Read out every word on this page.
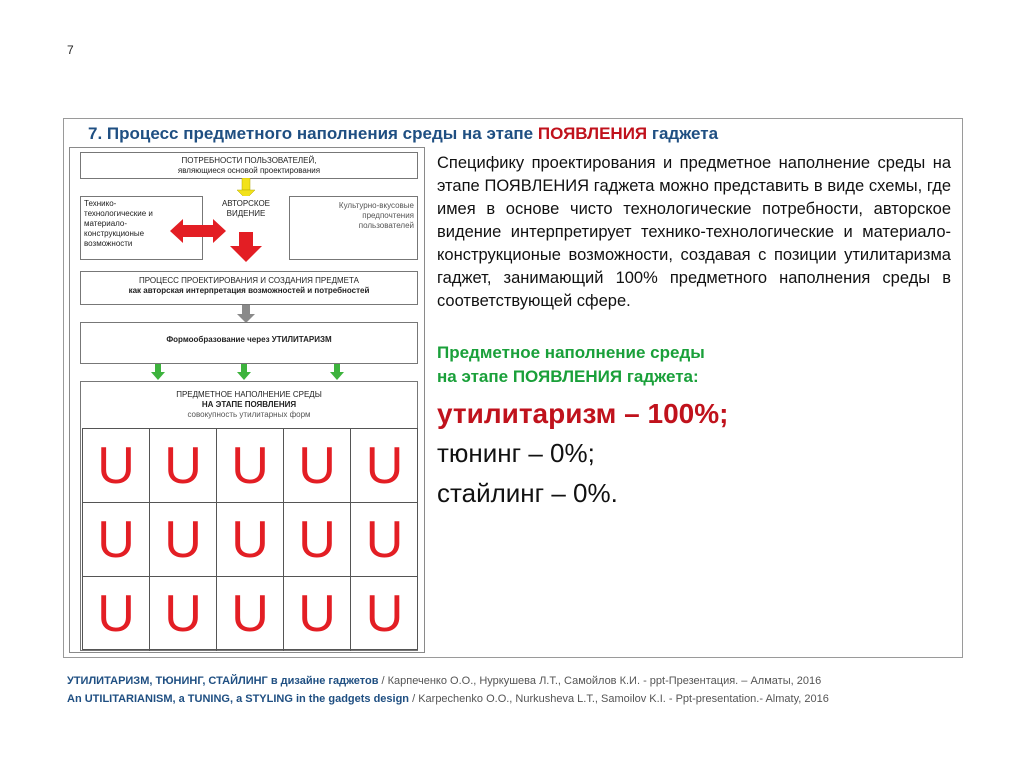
7
7. Процесс предметного наполнения среды на этапе ПОЯВЛЕНИЯ гаджета
ПОТРЕБНОСТИ ПОЛЬЗОВАТЕЛЕЙ,
являющиеся основой проектирования
Технико-
технологические и
материало-
конструкционые
возможности
АВТОРСКОЕ
ВИДЕНИЕ
Культурно-вкусовые
предпочтения
пользователей
ПРОЦЕСС ПРОЕКТИРОВАНИЯ И СОЗДАНИЯ ПРЕДМЕТА
как авторская интерпретация возможностей и потребностей
Формообразование через УТИЛИТАРИЗМ
ПРЕДМЕТНОЕ НАПОЛНЕНИЕ СРЕДЫ
НА ЭТАПЕ ПОЯВЛЕНИЯ
совокупность утилитарных форм
U U U U U
U U U U U
U U U U U
Специфику проектирования и предметное наполнение среды на этапе ПОЯВЛЕНИЯ гаджета можно представить в виде схемы, где имея в основе чисто технологические потребности, авторское видение интерпретирует технико-технологические и материало-конструкционые возможности, создавая с позиции утилитаризма гаджет, занимающий 100% предметного наполнения среды в соответствующей сфере.
Предметное наполнение среды
на этапе ПОЯВЛЕНИЯ гаджета:
утилитаризм – 100%;
тюнинг – 0%;
стайлинг – 0%.
УТИЛИТАРИЗМ, ТЮНИНГ, СТАЙЛИНГ в дизайне гаджетов / Карпеченко О.О., Нуркушева Л.Т., Самойлов К.И. - ppt-Презентация. – Алматы, 2016
An UTILITARIANISM, a TUNING, a STYLING in the gadgets design / Karpechenko O.O., Nurkusheva L.T., Samoilov K.I. - Ppt-presentation.- Almaty, 2016
